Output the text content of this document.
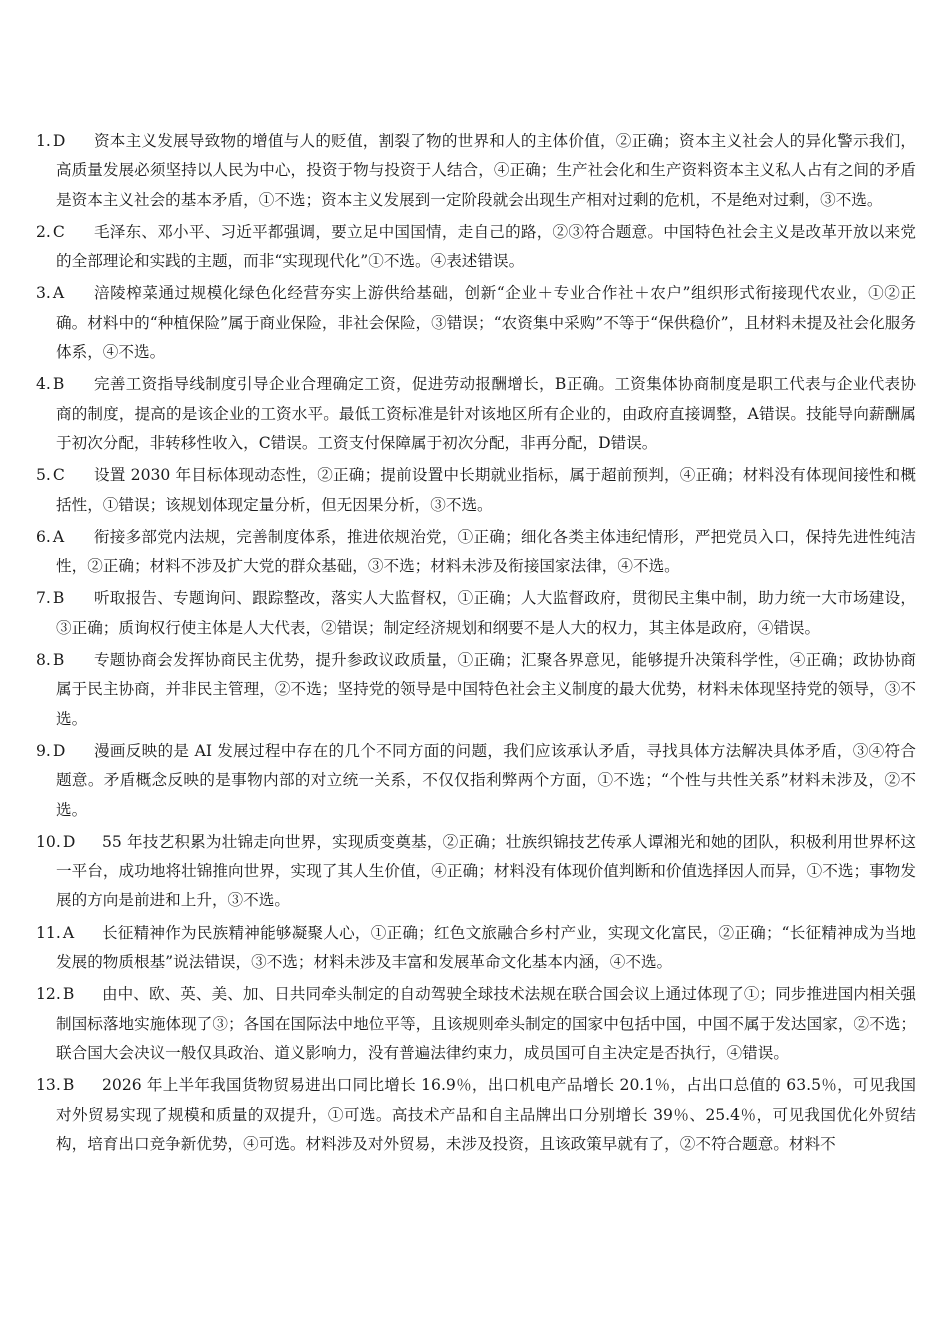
1. D	资本主义发展导致物的增值与人的贬值，割裂了物的世界和人的主体价值，②正确；资本主义社会人的异化警示我们，高质量发展必须坚持以人民为中心，投资于物与投资于人结合，④正确；生产社会化和生产资料资本主义私人占有之间的矛盾是资本主义社会的基本矛盾，①不选；资本主义发展到一定阶段就会出现生产相对过剩的危机，不是绝对过剩，③不选。
2. C	毛泽东、邓小平、习近平都强调，要立足中国国情，走自己的路，②③符合题意。中国特色社会主义是改革开放以来党的全部理论和实践的主题，而非“实现现代化”①不选。④表述错误。
3. A	涪陵榨菜通过规模化绿色化经营夯实上游供给基础，创新“企业＋专业合作社＋农户”组织形式衔接现代农业，①②正确。材料中的“种植保险”属于商业保险，非社会保险，③错误；“农资集中采购”不等于“保供稳价”，且材料未提及社会化服务体系，④不选。
4. B	完善工资指导线制度引导企业合理确定工资，促进劳动报酬增长，B正确。工资集体协商制度是职工代表与企业代表协商的制度，提高的是该企业的工资水平。最低工资标准是针对该地区所有企业的，由政府直接调整，A错误。技能导向薪酬属于初次分配，非转移性收入，C错误。工资支付保障属于初次分配，非再分配，D错误。
5. C	设置 2030 年目标体现动态性，②正确；提前设置中长期就业指标，属于超前预判，④正确；材料没有体现间接性和概括性，①错误；该规划体现定量分析，但无因果分析，③不选。
6. A	衔接多部党内法规，完善制度体系，推进依规治党，①正确；细化各类主体违纪情形，严把党员入口，保持先进性纯洁性，②正确；材料不涉及扩大党的群众基础，③不选；材料未涉及衔接国家法律，④不选。
7. B	听取报告、专题询问、跟踪整改，落实人大监督权，①正确；人大监督政府，贯彻民主集中制，助力统一大市场建设，③正确；质询权行使主体是人大代表，②错误；制定经济规划和纲要不是人大的权力，其主体是政府，④错误。
8. B	专题协商会发挥协商民主优势，提升参政议政质量，①正确；汇聚各界意见，能够提升决策科学性，④正确；政协协商属于民主协商，并非民主管理，②不选；坚持党的领导是中国特色社会主义制度的最大优势，材料未体现坚持党的领导，③不选。
9. D	漫画反映的是 AI 发展过程中存在的几个不同方面的问题，我们应该承认矛盾，寻找具体方法解决具体矛盾，③④符合题意。矛盾概念反映的是事物内部的对立统一关系，不仅仅指利弊两个方面，①不选；“个性与共性关系”材料未涉及，②不选。
10. D	55 年技艺积累为壮锦走向世界，实现质变奠基，②正确；壮族织锦技艺传承人谭湘光和她的团队，积极利用世界杯这一平台，成功地将壮锦推向世界，实现了其人生价值，④正确；材料没有体现价值判断和价值选择因人而异，①不选；事物发展的方向是前进和上升，③不选。
11. A	长征精神作为民族精神能够凝聚人心，①正确；红色文旅融合乡村产业，实现文化富民，②正确；“长征精神成为当地发展的物质根基”说法错误，③不选；材料未涉及丰富和发展革命文化基本内涵，④不选。
12. B	由中、欧、英、美、加、日共同牵头制定的自动驾驶全球技术法规在联合国会议上通过体现了①；同步推进国内相关强制国标落地实施体现了③；各国在国际法中地位平等，且该规则牵头制定的国家中包括中国，中国不属于发达国家，②不选；联合国大会决议一般仅具政治、道义影响力，没有普遍法律约束力，成员国可自主决定是否执行，④错误。
13. B	2026 年上半年我国货物贸易进出口同比增长 16.9％，出口机电产品增长 20.1％，占出口总值的 63.5％，可见我国对外贸易实现了规模和质量的双提升，①可选。高技术产品和自主品牌出口分别增长 39％、25.4％，可见我国优化外贸结构，培育出口竞争新优势，④可选。材料涉及对外贸易，未涉及投资，且该政策早就有了，②不符合题意。材料不
